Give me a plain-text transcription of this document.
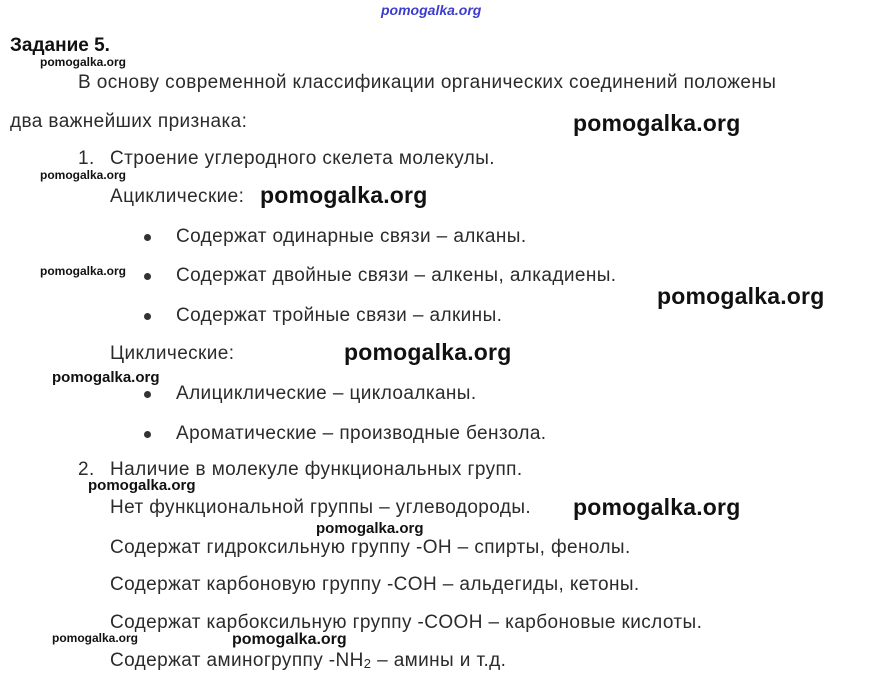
pomogalka.org
Задание 5.
pomogalka.org
В основу современной классификации органических соединений положены
два важнейших признака:	pomogalka.org
1. Строение углеродного скелета молекулы.
pomogalka.org
Ациклические: pomogalka.org
Содержат одинарные связи – алканы.
pomogalka.org	Содержат двойные связи – алкены, алкадиены.
pomogalka.org
Содержат тройные связи – алкины.
Циклические:	pomogalka.org
pomogalka.org
Алициклические – циклоалканы.
Ароматические – производные бензола.
2. Наличие в молекуле функциональных групп.
pomogalka.org
Нет функциональной группы – углеводороды. pomogalka.org
pomogalka.org
Содержат гидроксильную группу -OH – спирты, фенолы.
Содержат карбоновую группу -COH – альдегиды, кетоны.
Содержат карбоксильную группу -COOH – карбоновые кислоты.
pomogalka.org	pomogalka.org
Содержат аминогруппу $-NH_2$ – амины и т.д.
